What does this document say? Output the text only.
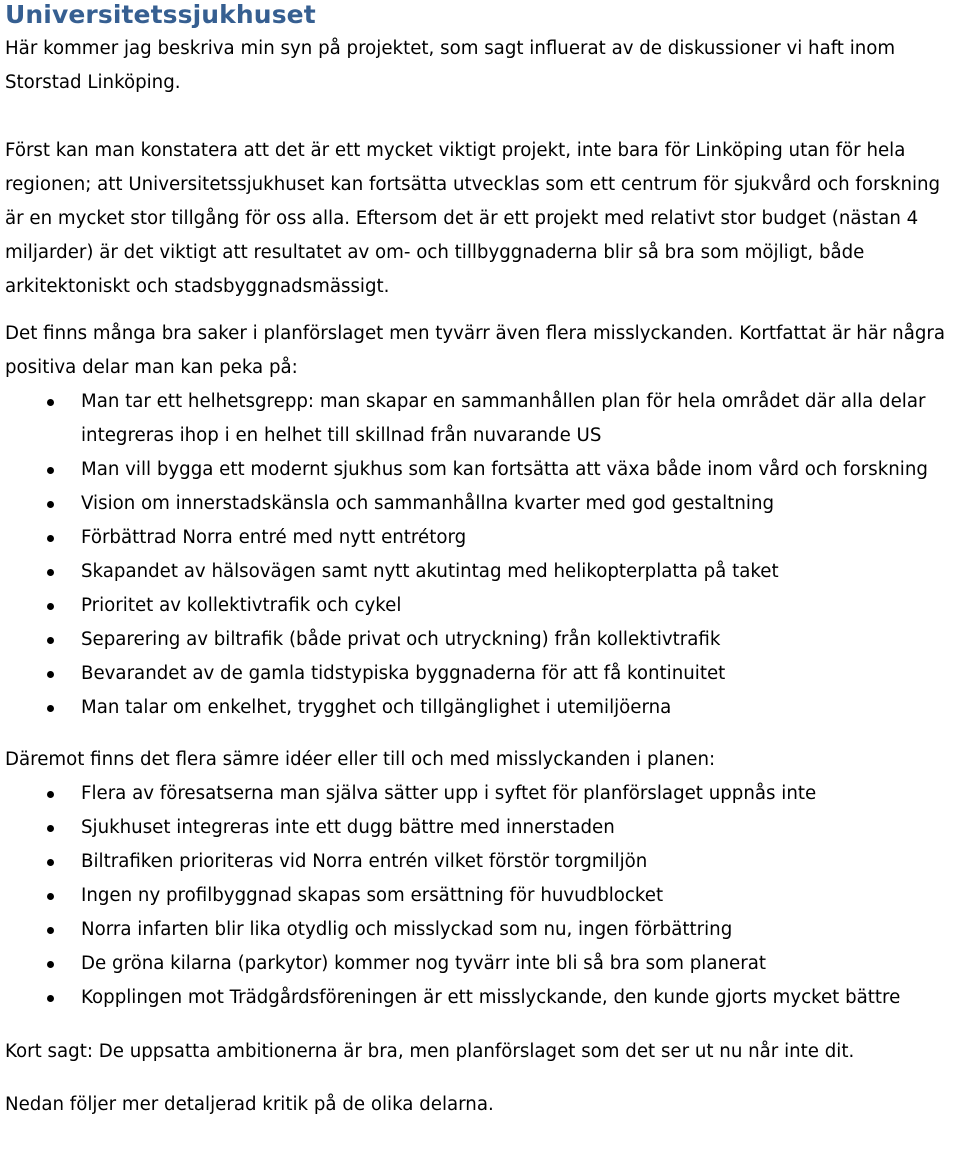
Universitetssjukhuset

Här kommer jag beskriva min syn på projektet, som sagt influerat av de diskussioner vi haft inom Storstad Linköping.

Först kan man konstatera att det är ett mycket viktigt projekt, inte bara för Linköping utan för hela regionen; att Universitetssjukhuset kan fortsätta utvecklas som ett centrum för sjukvård och forskning är en mycket stor tillgång för oss alla. Eftersom det är ett projekt med relativt stor budget (nästan 4 miljarder) är det viktigt att resultatet av om- och tillbyggnaderna blir så bra som möjligt, både arkitektoniskt och stadsbyggnadsmässigt.

Det finns många bra saker i planförslaget men tyvärr även flera misslyckanden. Kortfattat är här några positiva delar man kan peka på:

Man tar ett helhetsgrepp: man skapar en sammanhållen plan för hela området där alla delar integreras ihop i en helhet till skillnad från nuvarande US
Man vill bygga ett modernt sjukhus som kan fortsätta att växa både inom vård och forskning
Vision om innerstadskänsla och sammanhållna kvarter med god gestaltning
Förbättrad Norra entré med nytt entrétorg
Skapandet av hälsovägen samt nytt akutintag med helikopterplatta på taket
Prioritet av kollektivtrafik och cykel
Separering av biltrafik (både privat och utryckning) från kollektivtrafik
Bevarandet av de gamla tidstypiska byggnaderna för att få kontinuitet
Man talar om enkelhet, trygghet och tillgänglighet i utemiljöerna

Däremot finns det flera sämre idéer eller till och med misslyckanden i planen:

Flera av föresatserna man själva sätter upp i syftet för planförslaget uppnås inte
Sjukhuset integreras inte ett dugg bättre med innerstaden
Biltrafiken prioriteras vid Norra entrén vilket förstör torgmiljön
Ingen ny profilbyggnad skapas som ersättning för huvudblocket
Norra infarten blir lika otydlig och misslyckad som nu, ingen förbättring
De gröna kilarna (parkytor) kommer nog tyvärr inte bli så bra som planerat
Kopplingen mot Trädgårdsföreningen är ett misslyckande, den kunde gjorts mycket bättre

Kort sagt: De uppsatta ambitionerna är bra, men planförslaget som det ser ut nu når inte dit.

Nedan följer mer detaljerad kritik på de olika delarna.
